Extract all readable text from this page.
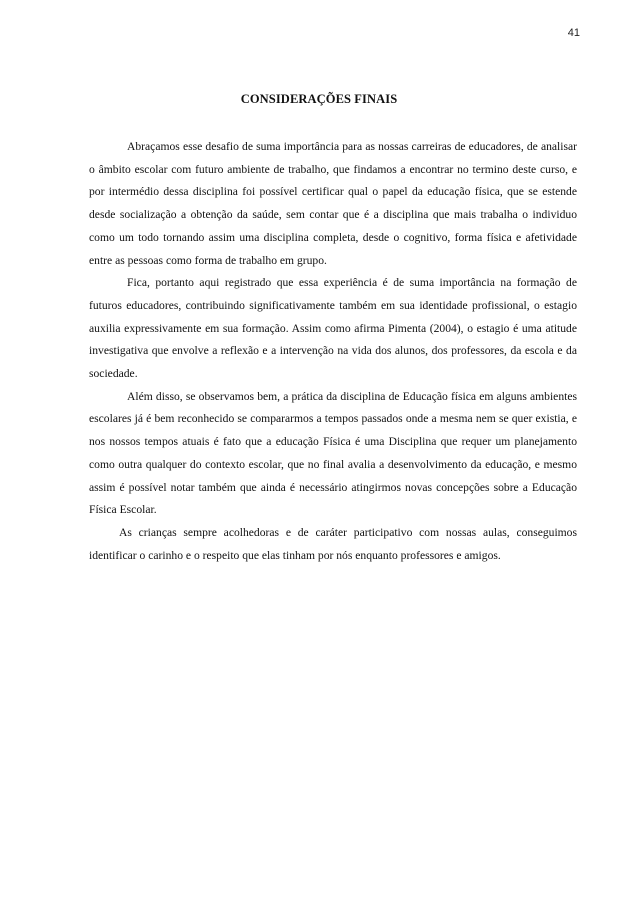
41
CONSIDERAÇÕES FINAIS

Abraçamos esse desafio de suma importância para as nossas carreiras de educadores, de analisar o âmbito escolar com futuro ambiente de trabalho, que findamos a encontrar no termino deste curso, e por intermédio dessa disciplina foi possível certificar qual o papel da educação física, que se estende desde socialização a obtenção da saúde, sem contar que é a disciplina que mais trabalha o individuo como um todo tornando assim uma disciplina completa, desde o cognitivo, forma física e afetividade entre as pessoas como forma de trabalho em grupo.

Fica, portanto aqui registrado que essa experiência é de suma importância na formação de futuros educadores, contribuindo significativamente também em sua identidade profissional, o estagio auxilia expressivamente em sua formação. Assim como afirma Pimenta (2004), o estagio é uma atitude investigativa que envolve a reflexão e a intervenção na vida dos alunos, dos professores, da escola e da sociedade.

Além disso, se observamos bem, a prática da disciplina de Educação física em alguns ambientes escolares já é bem reconhecido se compararmos a tempos passados onde a mesma nem se quer existia, e nos nossos tempos atuais é fato que a educação Física é uma Disciplina que requer um planejamento como outra qualquer do contexto escolar, que no final avalia a desenvolvimento da educação, e mesmo assim é possível notar também que ainda é necessário atingirmos novas concepções sobre a Educação Física Escolar.

As crianças sempre acolhedoras e de caráter participativo com nossas aulas, conseguimos identificar o carinho e o respeito que elas tinham por nós enquanto professores e amigos.
